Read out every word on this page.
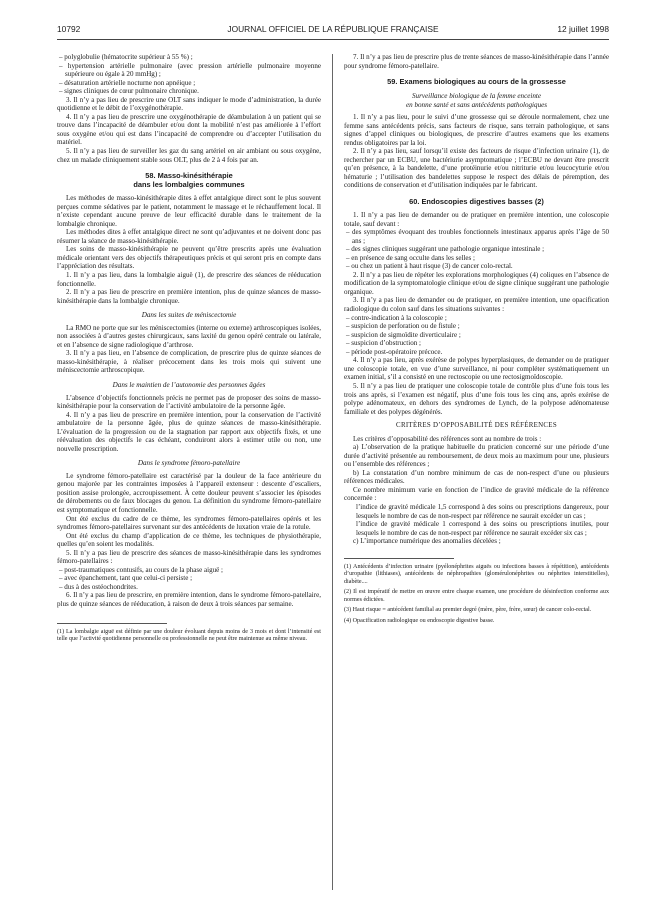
10792	JOURNAL OFFICIEL DE LA RÉPUBLIQUE FRANÇAISE	12 juillet 1998

– polyglobulie (hématocrite supérieur à 55 %) ;

– hypertension artérielle pulmonaire (avec pression artérielle pulmonaire moyenne supérieure ou égale à 20 mmHg) ;

– désaturation artérielle nocturne non apnéique ;

– signes cliniques de cœur pulmonaire chronique.

3. Il n’y a pas lieu de prescrire une OLT sans indiquer le mode d’administration, la durée quotidienne et le débit de l’oxygénothérapie.

4. Il n’y a pas lieu de prescrire une oxygénothérapie de déambulation à un patient qui se trouve dans l’incapacité de déambuler et/ou dont la mobilité n’est pas améliorée à l’effort sous oxygène et/ou qui est dans l’incapacité de comprendre ou d’accepter l’utilisation du matériel.

5. Il n’y a pas lieu de surveiller les gaz du sang artériel en air ambiant ou sous oxygène, chez un malade cliniquement stable sous OLT, plus de 2 à 4 fois par an.

58. Masso-kinésithérapie
dans les lombalgies communes

Les méthodes de masso-kinésithérapie dites à effet antalgique direct sont le plus souvent perçues comme sédatives par le patient, notamment le massage et le réchauffement local. Il n’existe cependant aucune preuve de leur efficacité durable dans le traitement de la lombalgie chronique.

Les méthodes dites à effet antalgique direct ne sont qu’adjuvantes et ne doivent donc pas résumer la séance de masso-kinésithérapie.

Les soins de masso-kinésithérapie ne peuvent qu’être prescrits après une évaluation médicale orientant vers des objectifs thérapeutiques précis et qui seront pris en compte dans l’appréciation des résultats.

1. Il n’y a pas lieu, dans la lombalgie aiguë (1), de prescrire des séances de rééducation fonctionnelle.

2. Il n’y a pas lieu de prescrire en première intention, plus de quinze séances de masso-kinésithérapie dans la lombalgie chronique.

Dans les suites de méniscectomie

La RMO ne porte que sur les méniscectomies (interne ou externe) arthroscopiques isolées, non associées à d’autres gestes chirurgicaux, sans laxité du genou opéré centrale ou latérale, et en l’absence de signe radiologique d’arthrose.

3. Il n’y a pas lieu, en l’absence de complication, de prescrire plus de quinze séances de masso-kinésithérapie, à réaliser précocement dans les trois mois qui suivent une méniscectomie arthroscopique.

Dans le maintien de l’autonomie des personnes âgées

L’absence d’objectifs fonctionnels précis ne permet pas de proposer des soins de masso-kinésithérapie pour la conservation de l’activité ambulatoire de la personne âgée.

4. Il n’y a pas lieu de prescrire en première intention, pour la conservation de l’activité ambulatoire de la personne âgée, plus de quinze séances de masso-kinésithérapie. L’évaluation de la progression ou de la stagnation par rapport aux objectifs fixés, et une réévaluation des objectifs le cas échéant, conduiront alors à estimer utile ou non, une nouvelle prescription.

Dans le syndrome fémoro-patellaire

Le syndrome fémoro-patellaire est caractérisé par la douleur de la face antérieure du genou majorée par les contraintes imposées à l’appareil extenseur : descente d’escaliers, position assise prolongée, accroupissement. À cette douleur peuvent s’associer les épisodes de dérobements ou de faux blocages du genou. La définition du syndrome fémoro-patellaire est symptomatique et fonctionnelle.

Ont été exclus du cadre de ce thème, les syndromes fémoro-patellaires opérés et les syndromes fémoro-patellaires survenant sur des antécédents de luxation vraie de la rotule.

Ont été exclus du champ d’application de ce thème, les techniques de physiothérapie, quelles qu’en soient les modalités.

5. Il n’y a pas lieu de prescrire des séances de masso-kinésithérapie dans les syndromes fémoro-patellaires :

– post-traumatiques contusifs, au cours de la phase aiguë ;

– avec épanchement, tant que celui-ci persiste ;

– dus à des ostéochondrites.

6. Il n’y a pas lieu de prescrire, en première intention, dans le syndrome fémoro-patellaire, plus de quinze séances de rééducation, à raison de deux à trois séances par semaine.

(1) La lombalgie aiguë est définie par une douleur évoluant depuis moins de 3 mois et dont l’intensité est telle que l’activité quotidienne personnelle ou professionnelle ne peut être maintenue au même niveau.

7. Il n’y a pas lieu de prescrire plus de trente séances de masso-kinésithérapie dans l’année pour syndrome fémoro-patellaire.

59. Examens biologiques au cours de la grossesse
Surveillance biologique de la femme enceinte
en bonne santé et sans antécédents pathologiques

1. Il n’y a pas lieu, pour le suivi d’une grossesse qui se déroule normalement, chez une femme sans antécédents précis, sans facteurs de risque, sans terrain pathologique, et sans signes d’appel cliniques ou biologiques, de prescrire d’autres examens que les examens rendus obligatoires par la loi.

2. Il n’y a pas lieu, sauf lorsqu’il existe des facteurs de risque d’infection urinaire (1), de rechercher par un ECBU, une bactériurie asymptomatique ; l’ECBU ne devant être prescrit qu’en présence, à la bandelette, d’une protéinurie et/ou nitriturie et/ou leucocyturie et/ou hématurie ; l’utilisation des bandelettes suppose le respect des délais de péremption, des conditions de conservation et d’utilisation indiquées par le fabricant.

60. Endoscopies digestives basses (2)

1. Il n’y a pas lieu de demander ou de pratiquer en première intention, une coloscopie totale, sauf devant :

– des symptômes évoquant des troubles fonctionnels intestinaux apparus après l’âge de 50 ans ;

– des signes cliniques suggérant une pathologie organique intestinale ;

– en présence de sang occulte dans les selles ;

– ou chez un patient à haut risque (3) de cancer colo-rectal.

2. Il n’y a pas lieu de répéter les explorations morphologiques (4) coliques en l’absence de modification de la symptomatologie clinique et/ou de signe clinique suggérant une pathologie organique.

3. Il n’y a pas lieu de demander ou de pratiquer, en première intention, une opacification radiologique du colon sauf dans les situations suivantes :

– contre-indication à la coloscopie ;

– suspicion de perforation ou de fistule ;

– suspicion de sigmoïdite diverticulaire ;

– suspicion d’obstruction ;

– période post-opératoire précoce.

4. Il n’y a pas lieu, après exérèse de polypes hyperplasiques, de demander ou de pratiquer une coloscopie totale, en vue d’une surveillance, ni pour compléter systématiquement un examen initial, s’il a consisté en une rectoscopie ou une rectosigmoïdoscopie.

5. Il n’y a pas lieu de pratiquer une coloscopie totale de contrôle plus d’une fois tous les trois ans après, si l’examen est négatif, plus d’une fois tous les cinq ans, après exérèse de polype adénomateux, en dehors des syndromes de Lynch, de la polypose adénomateuse familiale et des polypes dégénérés.

CRITÈRES D’OPPOSABILITÉ DES RÉFÉRENCES

Les critères d’opposabilité des références sont au nombre de trois :

a) L’observation de la pratique habituelle du praticien concerné sur une période d’une durée d’activité présentée au remboursement, de deux mois au maximum pour une, plusieurs ou l’ensemble des références ;

b) La constatation d’un nombre minimum de cas de non-respect d’une ou plusieurs références médicales.

Ce nombre minimum varie en fonction de l’indice de gravité médicale de la référence concernée :

l’indice de gravité médicale 1,5 correspond à des soins ou prescriptions dangereux, pour lesquels le nombre de cas de non-respect par référence ne saurait excéder un cas ;

l’indice de gravité médicale 1 correspond à des soins ou prescriptions inutiles, pour lesquels le nombre de cas de non-respect par référence ne saurait excéder six cas ;

c) L’importance numérique des anomalies décelées ;

(1) Antécédents d’infection urinaire (pyélonéphrites aiguës ou infections basses à répétition), antécédents d’uropathie (lithiases), antécédents de néphropathies (glomérulonéphrites ou néphrites interstitielles), diabète....

(2) Il est impératif de mettre en œuvre entre chaque examen, une procédure de désinfection conforme aux normes édictées.

(3) Haut risque = antécédent familial au premier degré (mère, père, frère, sœur) de cancer colo-rectal.

(4) Opacification radiologique ou endoscopie digestive basse.
